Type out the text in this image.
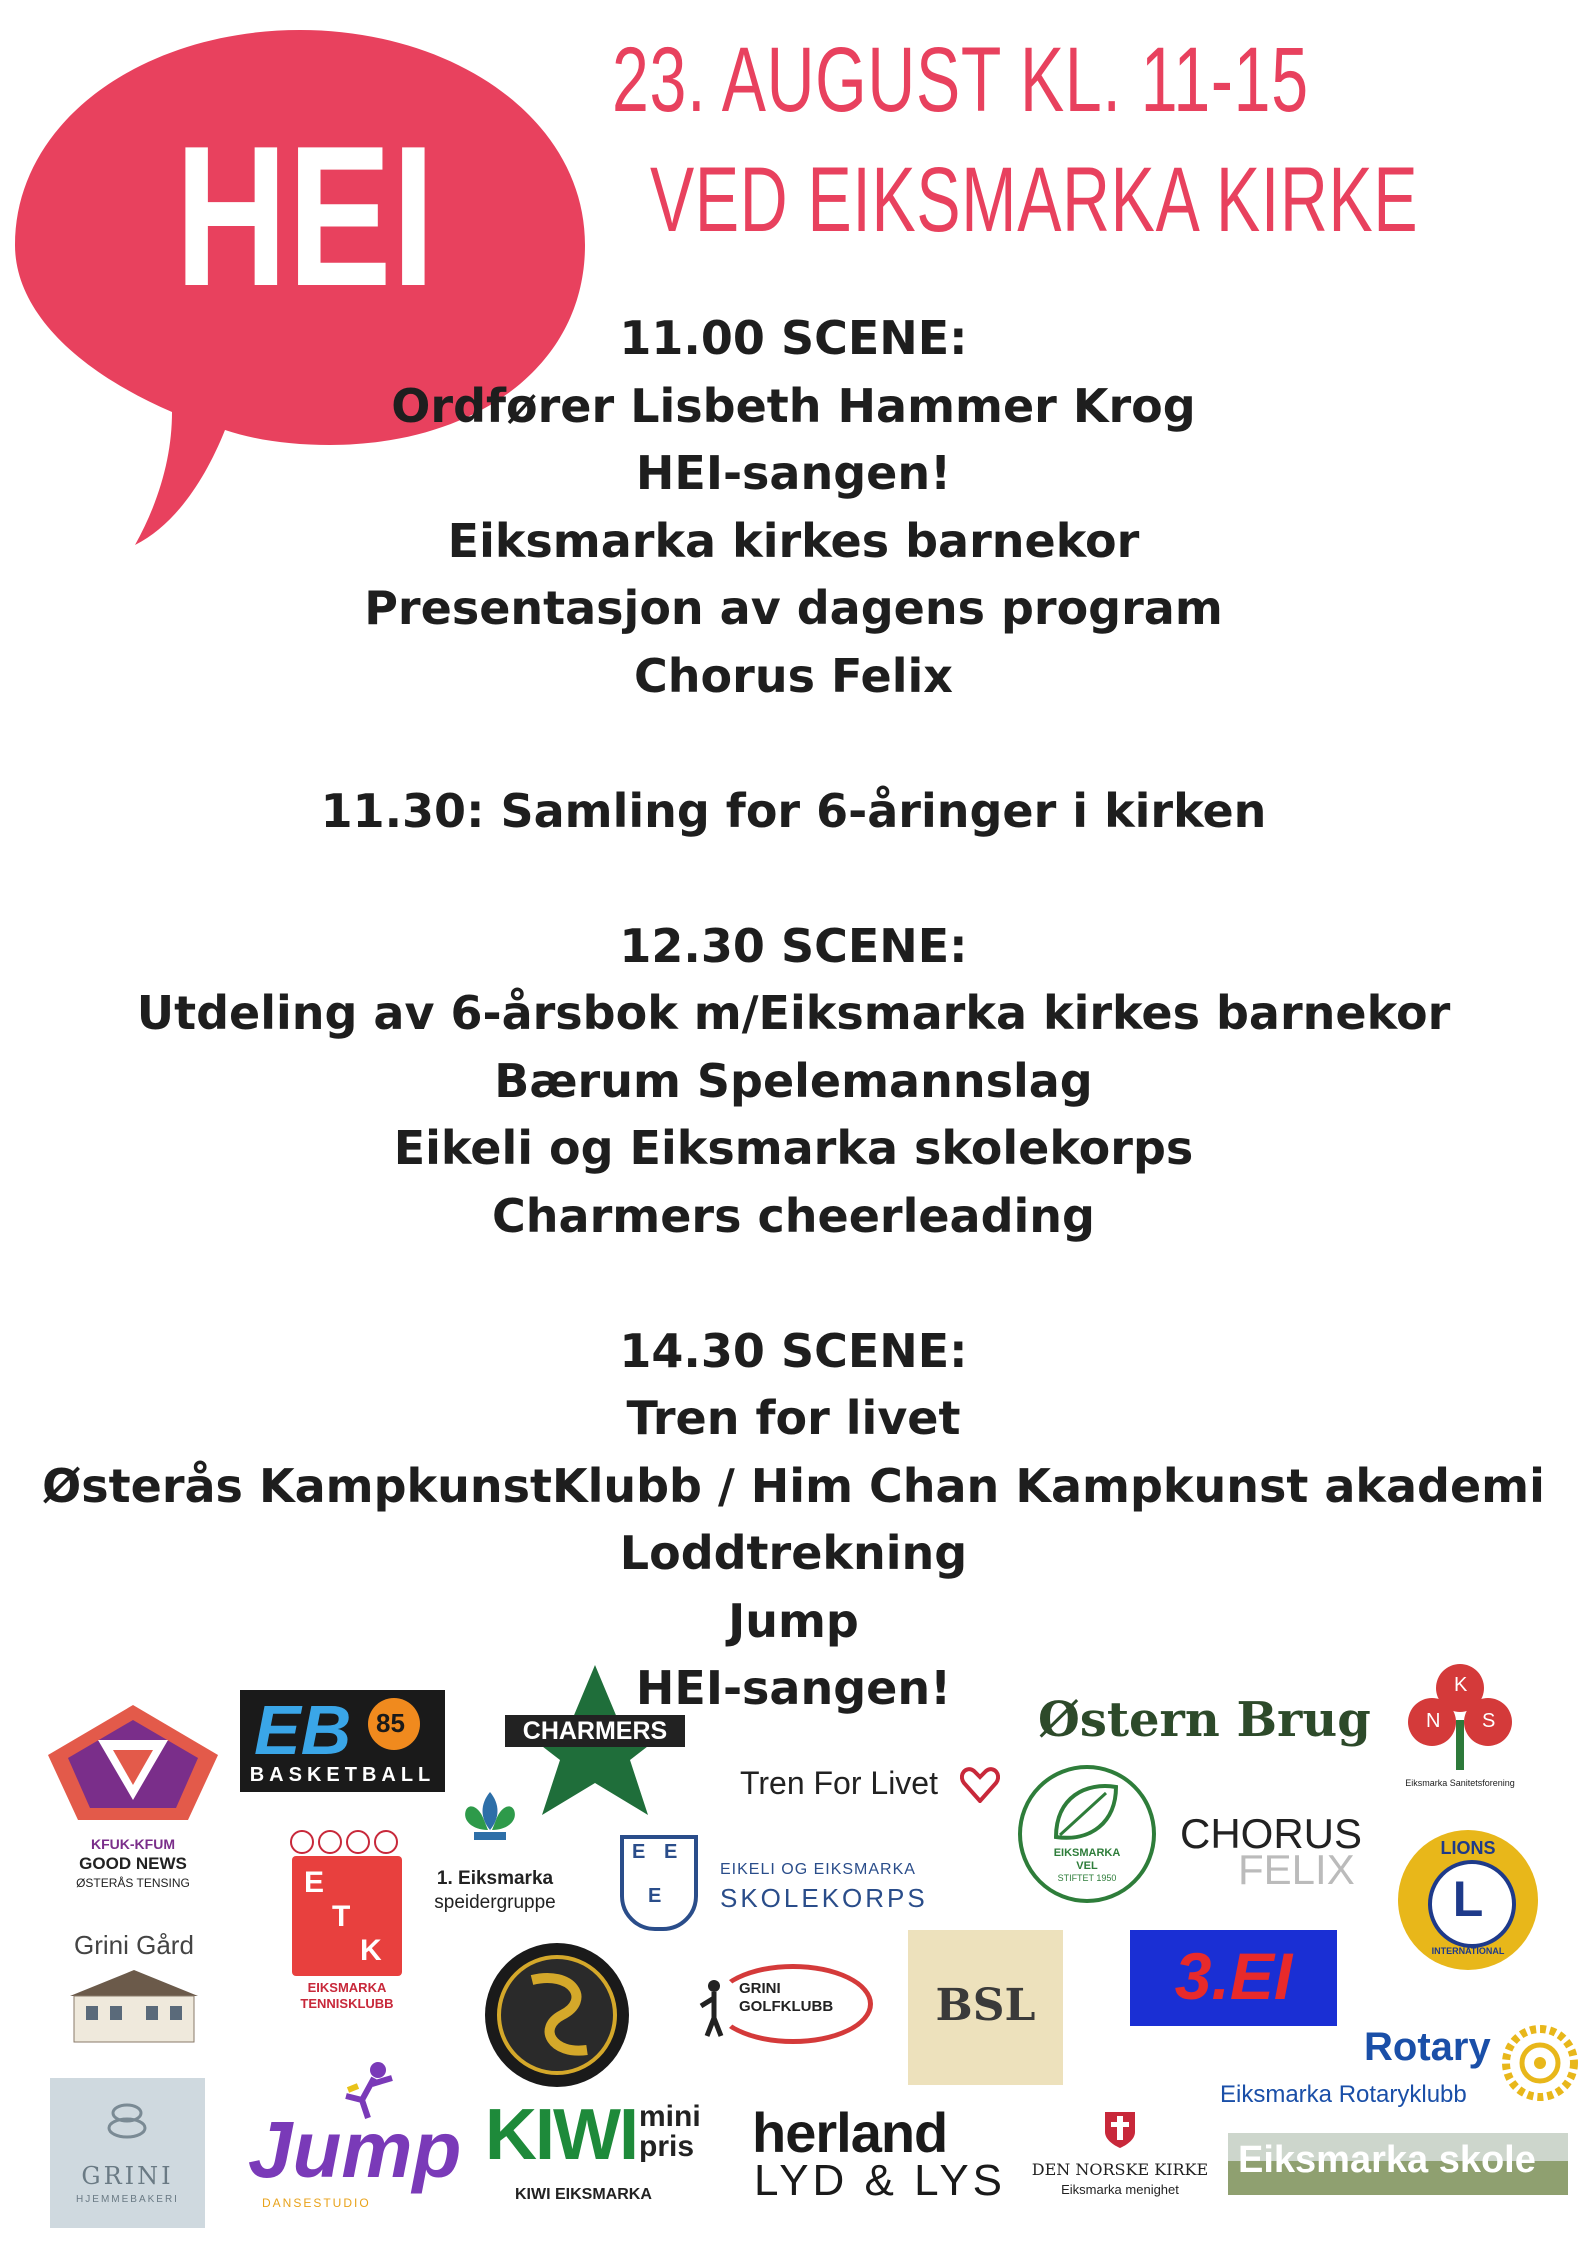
HEI
23. AUGUST KL. 11-15
VED EIKSMARKA KIRKE
11.00 SCENE:
Ordfører Lisbeth Hammer Krog
HEI-sangen!
Eiksmarka kirkes barnekor
Presentasjon av dagens program
Chorus Felix
11.30: Samling for 6-åringer i kirken
12.30 SCENE:
Utdeling av 6-årsbok m/Eiksmarka kirkes barnekor
Bærum Spelemannslag
Eikeli og Eiksmarka skolekorps
Charmers cheerleading
14.30 SCENE:
Tren for livet
Østerås KampkunstKlubb / Him Chan Kampkunst akademi
Loddtrekning
Jump
HEI-sangen!
KFUK-KFUM
GOOD NEWS
ØSTERÅS TENSING
EB 85
BASKETBALL
CHARMERS	Østern Brug
K
N S
Eiksmarka Sanitetsforening
Tren For Livet
1. Eiksmarka
speidergruppe
E
T
K
EIKSMARKA
TENNISKLUBB
E E
E
EIKELI OG EIKSMARKA
SKOLEKORPS
EIKSMARKA
VEL
STIFTET 1950
CHORUS
FELIX	LIONS
L
INTERNATIONAL
Grini Gård
GRINI
GOLFKLUBB	BSL	3.EI
Rotary
Eiksmarka Rotaryklubb
GRINI
HJEMMEBAKERI
Jump
DANSESTUDIO
KIWI mini
pris
KIWI EIKSMARKA
herland
LYD & LYS	DEN NORSKE KIRKE
Eiksmarka menighet
Eiksmarka skole
